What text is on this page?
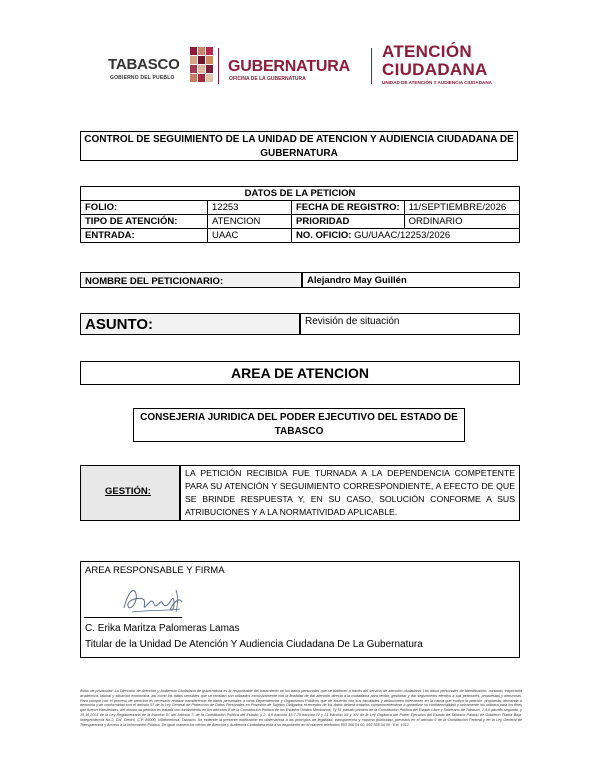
TABASCO
GOBIERNO DEL PUEBLO
GUBERNATURA
OFICINA DE LA GUBERNATURA
ATENCIÓN
CIUDADANA
UNIDAD DE ATENCIÓN Y AUDIENCIA CIUDADANA
CONTROL DE SEGUIMIENTO DE LA UNIDAD DE ATENCION Y AUDIENCIA CIUDADANA DE GUBERNATURA
DATOS DE LA PETICION			
FOLIO:	12253	FECHA DE REGISTRO:	11/SEPTIEMBRE/2026
TIPO DE ATENCIÓN:	ATENCION	PRIORIDAD	ORDINARIO
ENTRADA:	UAAC	NO. OFICIO: GU/UAAC/12253/2026	
NOMBRE DEL PETICIONARIO:	Alejandro May Guillén
ASUNTO:	Revisión de situación
AREA DE ATENCION
CONSEJERIA JURIDICA DEL PODER EJECUTIVO DEL ESTADO DE TABASCO
GESTIÓN:
LA PETICIÓN RECIBIDA FUE TURNADA A LA DEPENDENCIA COMPETENTE PARA SU ATENCIÓN Y SEGUIMIENTO CORRESPONDIENTE, A EFECTO DE QUE SE BRINDE RESPUESTA Y, EN SU CASO, SOLUCIÓN CONFORME A SUS ATRIBUCIONES Y A LA NORMATIVIDAD APLICABLE.
AREA RESPONSABLE Y FIRMA
C. Erika Maritza Palomeras Lamas
Titular de la Unidad De Atención Y Audiencia Ciudadana De La Gubernatura
Aviso de privacidad: La Dirección de Atención y Audiencia Ciudadana de gubernatura es la responsable del tratamiento de los datos personales que se obtienen a través del servicio de atención ciudadana. Los datos personales de identificación, contacto, trayectoria académica, laboral y situación económica, así como los datos sensibles que se recaban son utilizados exclusivamente con la finalidad de dar atención directa a la ciudadanía para recibir, gestionar y dar seguimiento efectivo a sus peticiones, propuestas y denuncias. Para cumplir con el proceso de atención es necesario realizar transferencia de datos personales a otras Dependencias y Organismos Públicos que de acuerdo con sus facultades y atribuciones intervienen en la causa que motiva la petición, propuesta, demanda o denuncia y de conformidad con el artículo 97 de la Ley General de Protección de Datos Personales en Posesión de Sujetos Obligados el receptor de los datos deberá tratarlos comprometiéndose a garantizar su confidencialidad y únicamente los utilizará para los fines que fueron transferidos, del mismo su petición es tratada con fundamento en los artículos 8 de la Constitución Política de los Estados Unidos Mexicanos, 7y 51 párrafo primero de la Constitución Política del Estado Libre y Soberano de Tabasco, 1,4,9 párrafo segundo, y 15,16,2021 de la Ley Reglamentaria de la fracción IV, del Artículo 7; de la Constitución Política del Estado; y 2, 4,5 fracción 16,7,20 fracción IV y 21 fracción XII y XIV de la Ley Orgánica del Poder Ejecutivo del Estado de Tabasco Palacio de Gobierno Planta Baja, Independencia No.2, Col. Centro, C.P. 86000, Villahermosa, Tabasco. Se extiende la presente notificación en observancia a los principios de legalidad, transparencia y máxima publicidad, previstos en el artículo 6 de la Constitución Federal y en la Ley General de Transparencia y Acceso a la Información Pública. De igual manera los oficios de Atención y Audiencia Ciudadana está a su disposición en el número telefónico 993 358 04 00, 993 358 04 00 · Ext. 1012.
